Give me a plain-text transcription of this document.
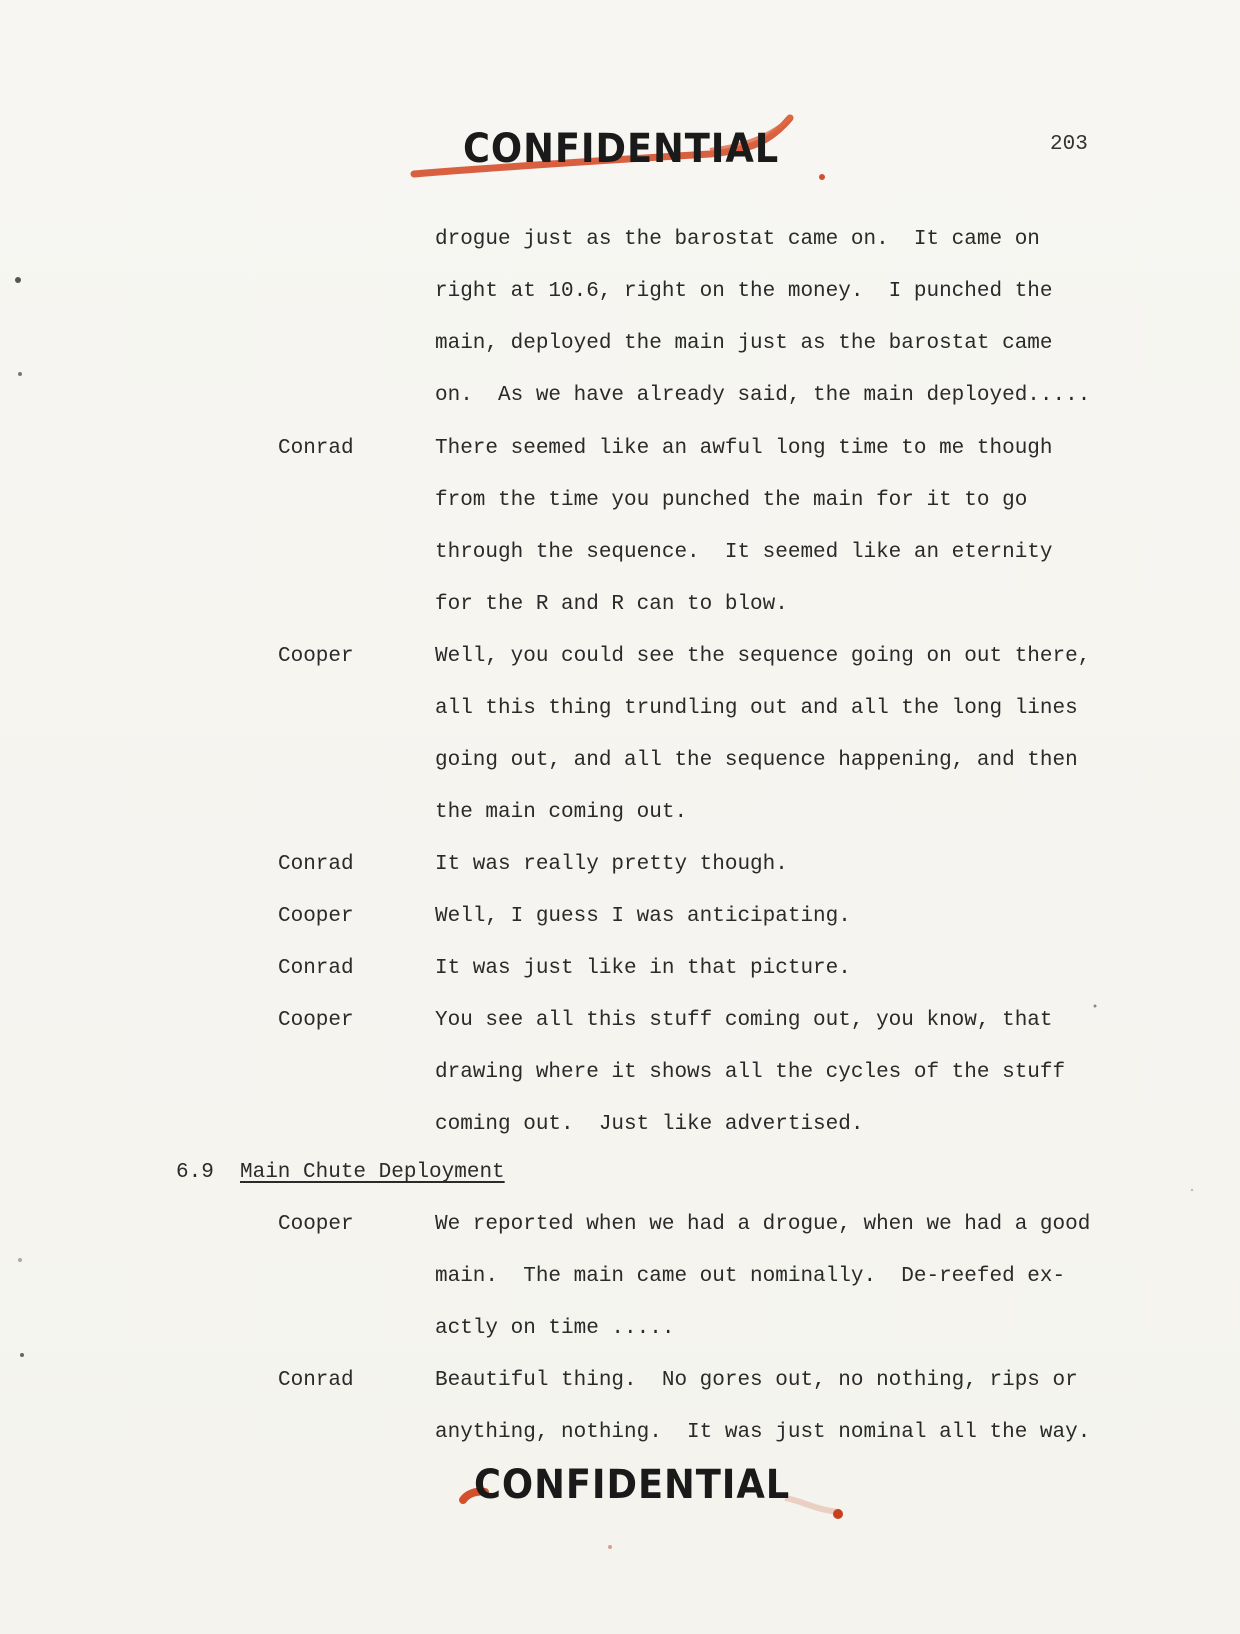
CONFIDENTIAL	203
drogue just as the barostat came on.  It came on
right at 10.6, right on the money.  I punched the
main, deployed the main just as the barostat came
on.  As we have already said, the main deployed.....
Conrad	There seemed like an awful long time to me though
from the time you punched the main for it to go
through the sequence.  It seemed like an eternity
for the R and R can to blow.
Cooper	Well, you could see the sequence going on out there,
all this thing trundling out and all the long lines
going out, and all the sequence happening, and then
the main coming out.
Conrad	It was really pretty though.
Cooper	Well, I guess I was anticipating.
Conrad	It was just like in that picture.
Cooper	You see all this stuff coming out, you know, that
drawing where it shows all the cycles of the stuff
coming out.  Just like advertised.
6.9 Main Chute Deployment
Cooper	We reported when we had a drogue, when we had a good
main.  The main came out nominally.  De-reefed ex-
actly on time .....
Conrad	Beautiful thing.  No gores out, no nothing, rips or
anything, nothing.  It was just nominal all the way.
CONFIDENTIAL
